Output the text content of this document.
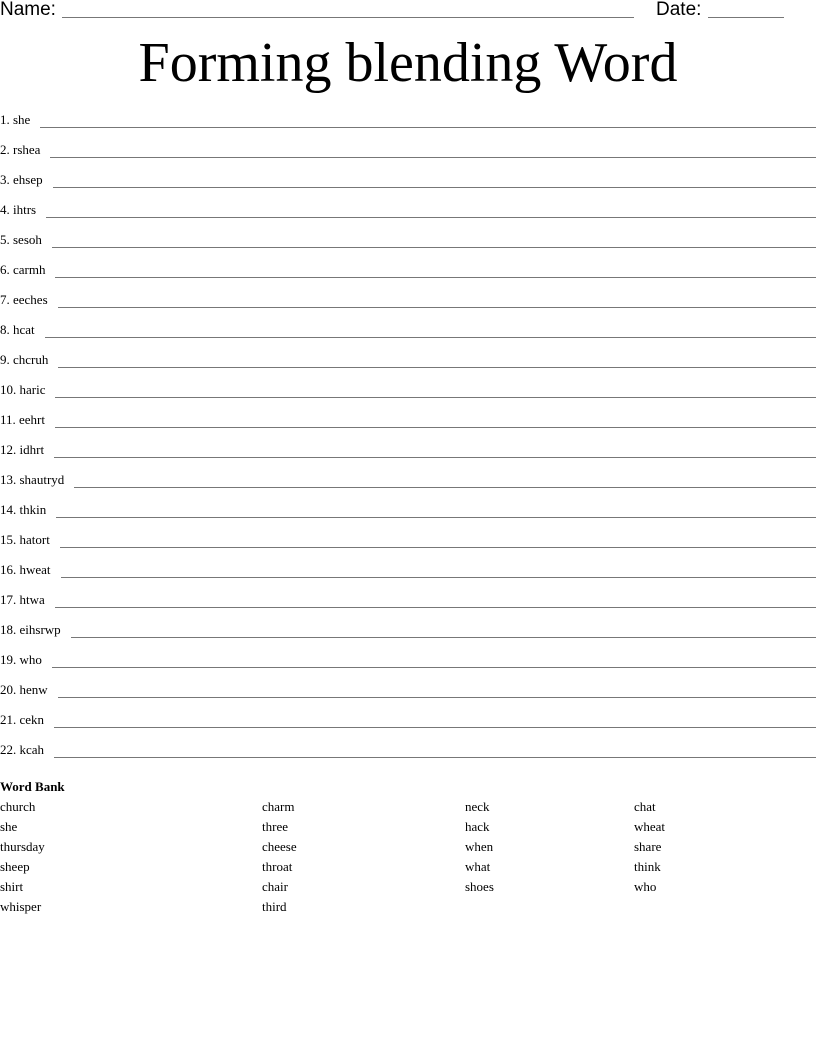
Name:	Date:
Forming blending Word
1. she
2. rshea
3. ehsep
4. ihtrs
5. sesoh
6. carmh
7. eeches
8. hcat
9. chcruh
10. haric
11. eehrt
12. idhrt
13. shautryd
14. thkin
15. hatort
16. hweat
17. htwa
18. eihsrwp
19. who
20. henw
21. cekn
22. kcah
Word Bank
church
she
thursday
sheep
shirt
whisper
charm
three
cheese
throat
chair
third
neck
hack
when
what
shoes
chat
wheat
share
think
who
